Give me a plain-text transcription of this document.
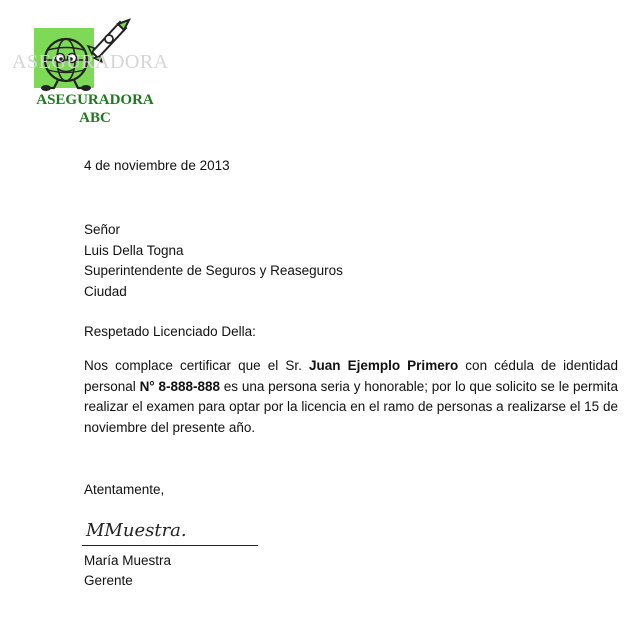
ASEGURADORA
ASEGURADORA
ABC

4 de noviembre de 2013

Señor

Luis Della Togna

Superintendente de Seguros y Reaseguros

Ciudad

Respetado Licenciado Della:

Nos complace certificar que el Sr. Juan Ejemplo Primero con cédula de identidad personal N° 8-888-888 es una persona seria y honorable; por lo que solicito se le permita realizar el examen para optar por la licencia en el ramo de personas a realizarse el 15 de noviembre del presente año.

Atentamente,

MMuestra.

María Muestra

Gerente
